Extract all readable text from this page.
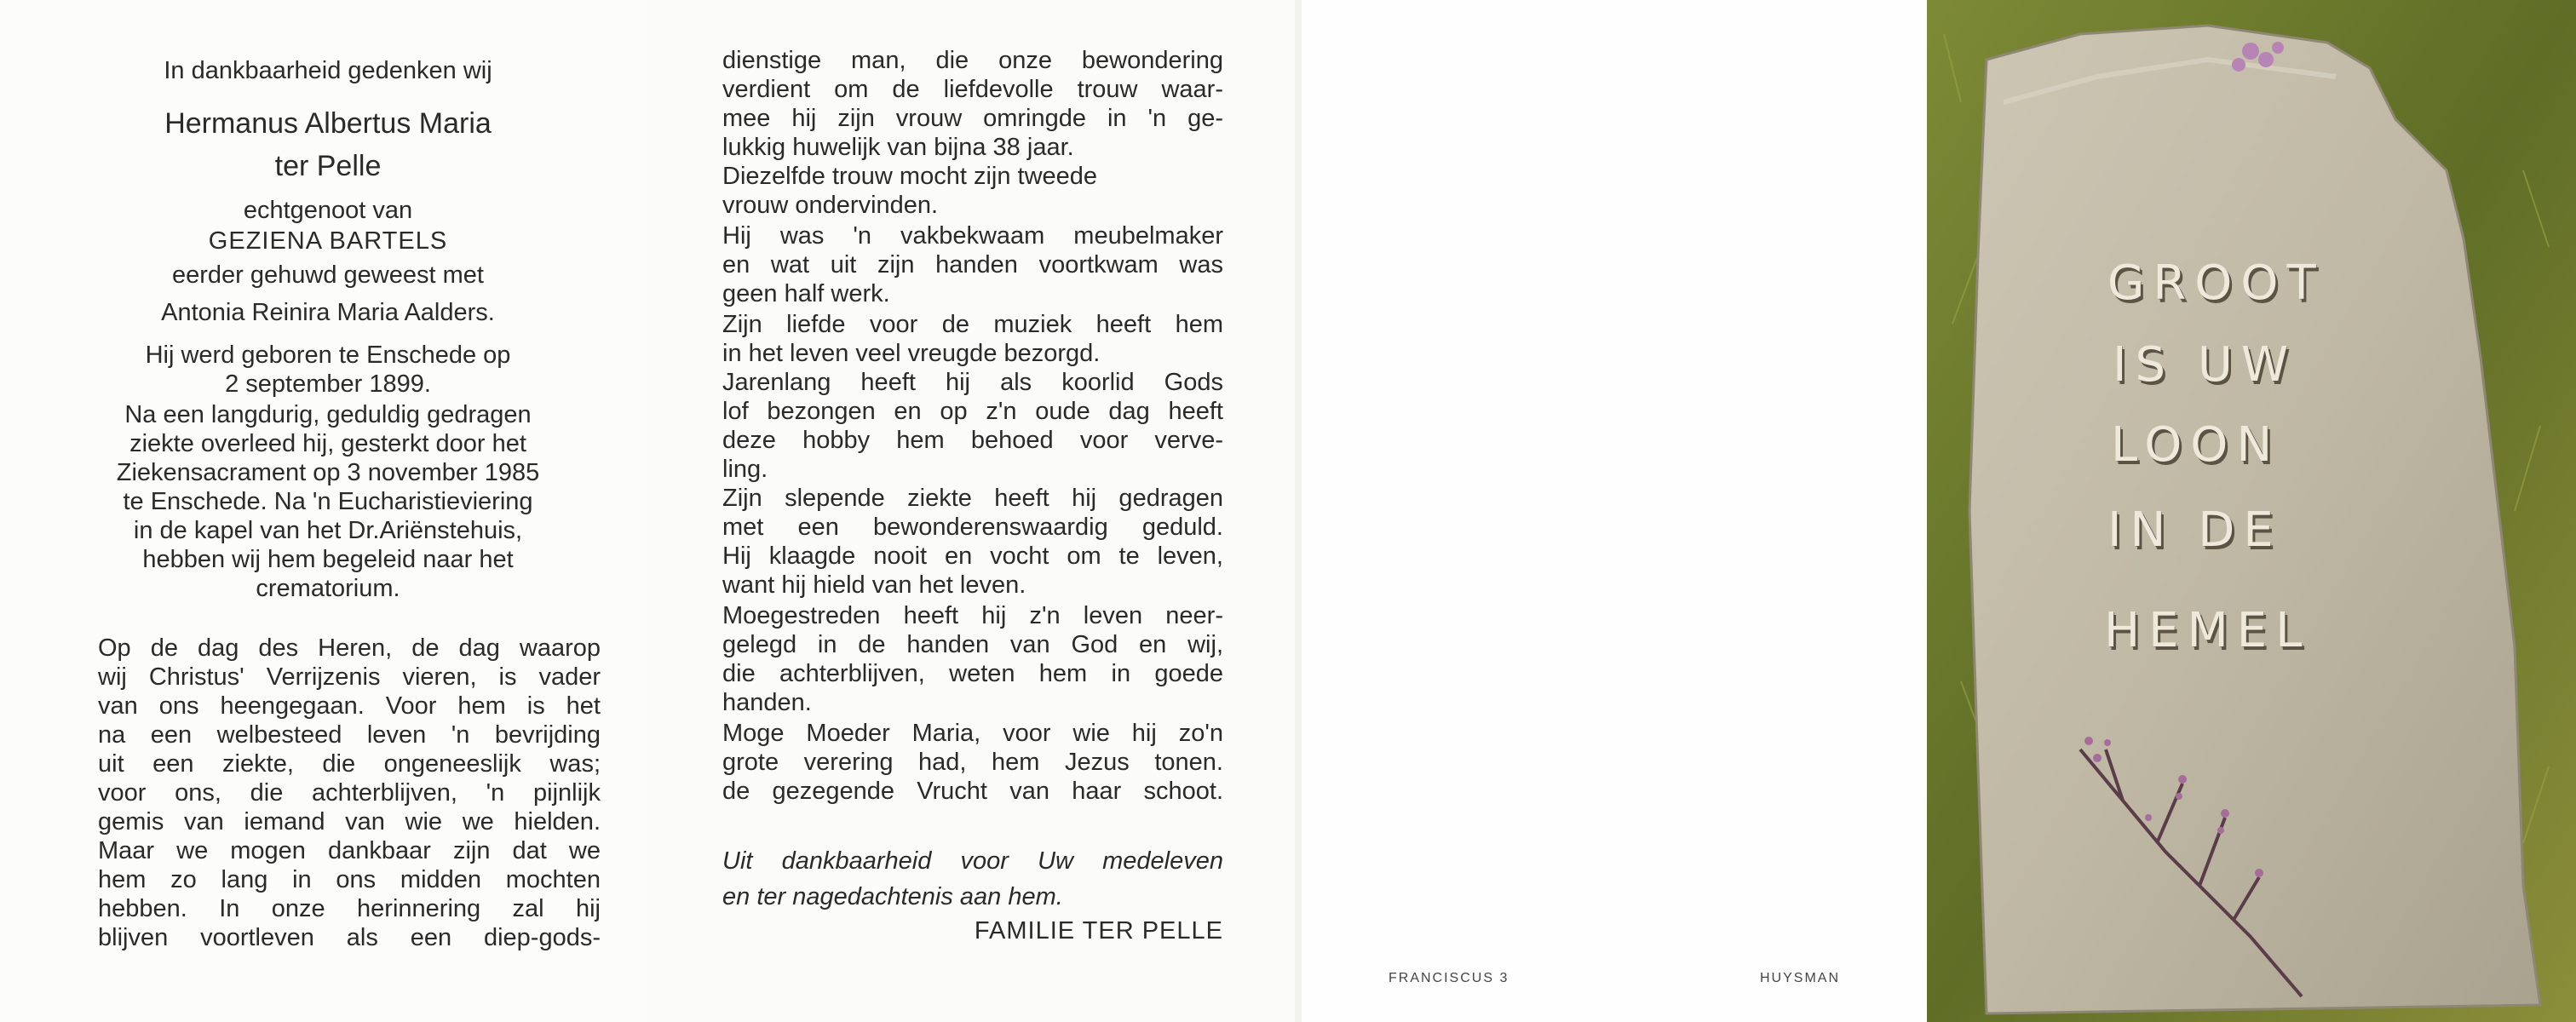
In dankbaarheid gedenken wij
Hermanus Albertus Maria
ter Pelle
echtgenoot van
GEZIENA BARTELS
eerder gehuwd geweest met
Antonia Reinira Maria Aalders.
Hij werd geboren te Enschede op
2 september 1899.
Na een langdurig, geduldig gedragen
ziekte overleed hij, gesterkt door het
Ziekensacrament op 3 november 1985
te Enschede. Na 'n Eucharistieviering
in de kapel van het Dr.Ariënstehuis,
hebben wij hem begeleid naar het
crematorium.
Op de dag des Heren, de dag waarop
wij Christus' Verrijzenis vieren, is vader
van ons heengegaan. Voor hem is het
na een welbesteed leven 'n bevrijding
uit een ziekte, die ongeneeslijk was;
voor ons, die achterblijven, 'n pijnlijk
gemis van iemand van wie we hielden.
Maar we mogen dankbaar zijn dat we
hem zo lang in ons midden mochten
hebben. In onze herinnering zal hij
blijven voortleven als een diep-gods-
dienstige man, die onze bewondering
verdient om de liefdevolle trouw waar-
mee hij zijn vrouw omringde in 'n ge-
lukkig huwelijk van bijna 38 jaar.
Diezelfde trouw mocht zijn tweede
vrouw ondervinden.
Hij was 'n vakbekwaam meubelmaker
en wat uit zijn handen voortkwam was
geen half werk.
Zijn liefde voor de muziek heeft hem
in het leven veel vreugde bezorgd.
Jarenlang heeft hij als koorlid Gods
lof bezongen en op z'n oude dag heeft
deze hobby hem behoed voor verve-
ling.
Zijn slepende ziekte heeft hij gedragen
met een bewonderenswaardig geduld.
Hij klaagde nooit en vocht om te leven,
want hij hield van het leven.
Moegestreden heeft hij z'n leven neer-
gelegd in de handen van God en wij,
die achterblijven, weten hem in goede
handen.
Moge Moeder Maria, voor wie hij zo'n
grote verering had, hem Jezus tonen.
de gezegende Vrucht van haar schoot.
Uit dankbaarheid voor Uw medeleven
en ter nagedachtenis aan hem.
FAMILIE TER PELLE
FRANCISCUS 3	HUYSMAN
GROOT
IS UW
LOON
IN DE
HEMEL
